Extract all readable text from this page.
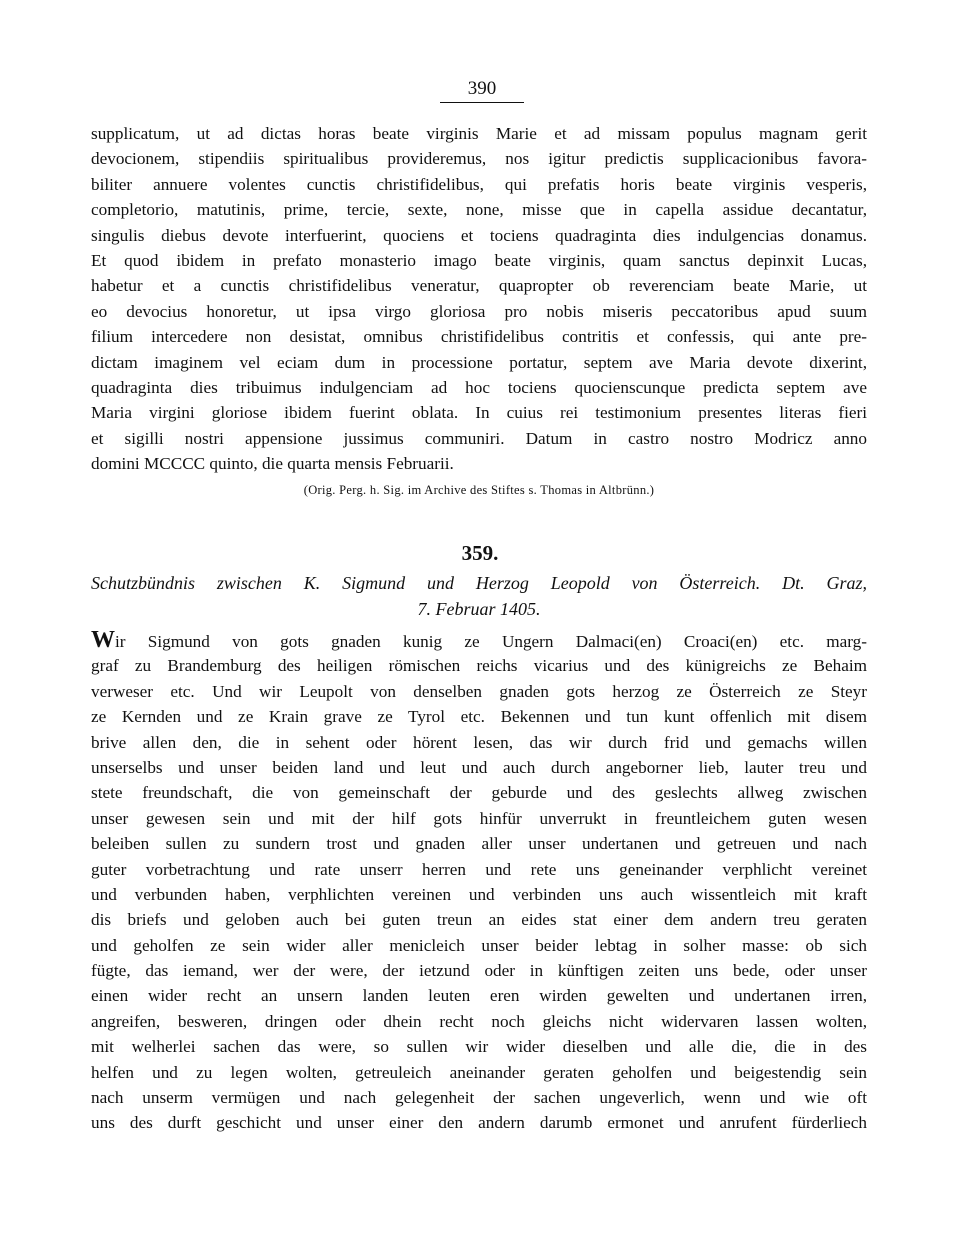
390
supplicatum, ut ad dictas horas beate virginis Marie et ad missam populus magnam gerit
devocionem, stipendiis spiritualibus provideremus, nos igitur predictis supplicacionibus favora-
biliter annuere volentes cunctis christifidelibus, qui prefatis horis beate virginis vesperis,
completorio, matutinis, prime, tercie, sexte, none, misse que in capella assidue decantatur,
singulis diebus devote interfuerint, quociens et tociens quadraginta dies indulgencias donamus.
Et quod ibidem in prefato monasterio imago beate virginis, quam sanctus depinxit Lucas,
habetur et a cunctis christifidelibus veneratur, quapropter ob reverenciam beate Marie, ut
eo devocius honoretur, ut ipsa virgo gloriosa pro nobis miseris peccatoribus apud suum
filium intercedere non desistat, omnibus christifidelibus contritis et confessis, qui ante pre-
dictam imaginem vel eciam dum in processione portatur, septem ave Maria devote dixerint,
quadraginta dies tribuimus indulgenciam ad hoc tociens quocienscunque predicta septem ave
Maria virgini gloriose ibidem fuerint oblata. In cuius rei testimonium presentes literas fieri
et sigilli nostri appensione jussimus communiri. Datum in castro nostro Modricz anno
domini MCCCC quinto, die quarta mensis Februarii.
(Orig. Perg. h. Sig. im Archive des Stiftes s. Thomas in Altbrünn.)
359.
Schutzbündnis zwischen K. Sigmund und Herzog Leopold von Österreich. Dt. Graz,
7. Februar 1405.
Wir Sigmund von gots gnaden kunig ze Ungern Dalmaci(en) Croaci(en) etc. marg-
graf zu Brandemburg des heiligen römischen reichs vicarius und des künigreichs ze Behaim
verweser etc. Und wir Leupolt von denselben gnaden gots herzog ze Österreich ze Steyr
ze Kernden und ze Krain grave ze Tyrol etc. Bekennen und tun kunt offenlich mit disem
brive allen den, die in sehent oder hörent lesen, das wir durch frid und gemachs willen
unserselbs und unser beiden land und leut und auch durch angeborner lieb, lauter treu und
stete freundschaft, die von gemeinschaft der geburde und des geslechts allweg zwischen
unser gewesen sein und mit der hilf gots hinfür unverrukt in freuntleichem guten wesen
beleiben sullen zu sundern trost und gnaden aller unser undertanen und getreuen und nach
guter vorbetrachtung und rate unserr herren und rete uns geneinander verphlicht vereinet
und verbunden haben, verphlichten vereinen und verbinden uns auch wissentleich mit kraft
dis briefs und geloben auch bei guten treun an eides stat einer dem andern treu geraten
und geholfen ze sein wider aller menicleich unser beider lebtag in solher masse: ob sich
fügte, das iemand, wer der were, der ietzund oder in künftigen zeiten uns bede, oder unser
einen wider recht an unsern landen leuten eren wirden gewelten und undertanen irren,
angreifen, besweren, dringen oder dhein recht noch gleichs nicht widervaren lassen wolten,
mit welherlei sachen das were, so sullen wir wider dieselben und alle die, die in des
helfen und zu legen wolten, getreuleich aneinander geraten geholfen und beigestendig sein
nach unserm vermügen und nach gelegenheit der sachen ungeverlich, wenn und wie oft
uns des durft geschicht und unser einer den andern darumb ermonet und anrufent fürderliech
